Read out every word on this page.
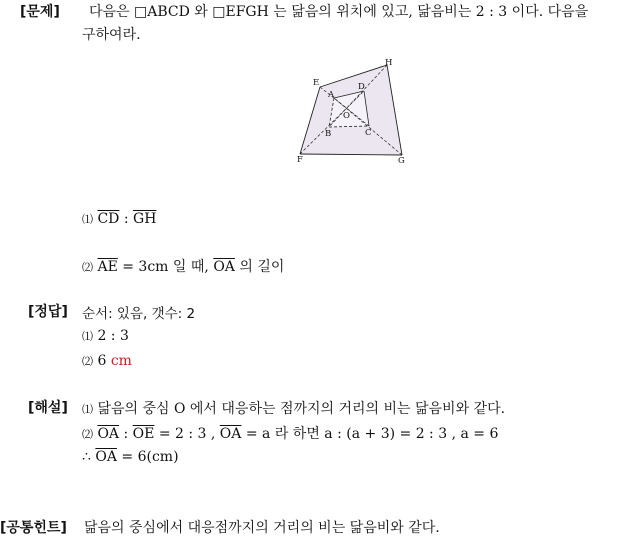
[문제] 다음은 □ABCD 와 □EFGH 는 닮음의 위치에 있고, 닮음비는 2 : 3 이다. 다음을
구하여라.
E
H
A
D
O
B	C
F	G
⑴ $\overline{CD}$ : $\overline{GH}$
⑵ $\overline{AE} = 3cm$ 일 때, $\overline{OA}$ 의 길이
[정답] 순서: 있음, 갯수: 2
⑴ 2 : 3
⑵ 6 cm
[해설] ⑴ 닮음의 중심 O 에서 대응하는 점까지의 거리의 비는 닮음비와 같다.
⑵ $\overline{OA}$ : $\overline{OE} = 2$ : 3 , $\overline{OA} = a$ 라 하면 a : (a + 3) = 2 : 3 , a = 6
∴ $\overline{OA} = 6(cm)$
[공통힌트] 닮음의 중심에서 대응점까지의 거리의 비는 닮음비와 같다.
